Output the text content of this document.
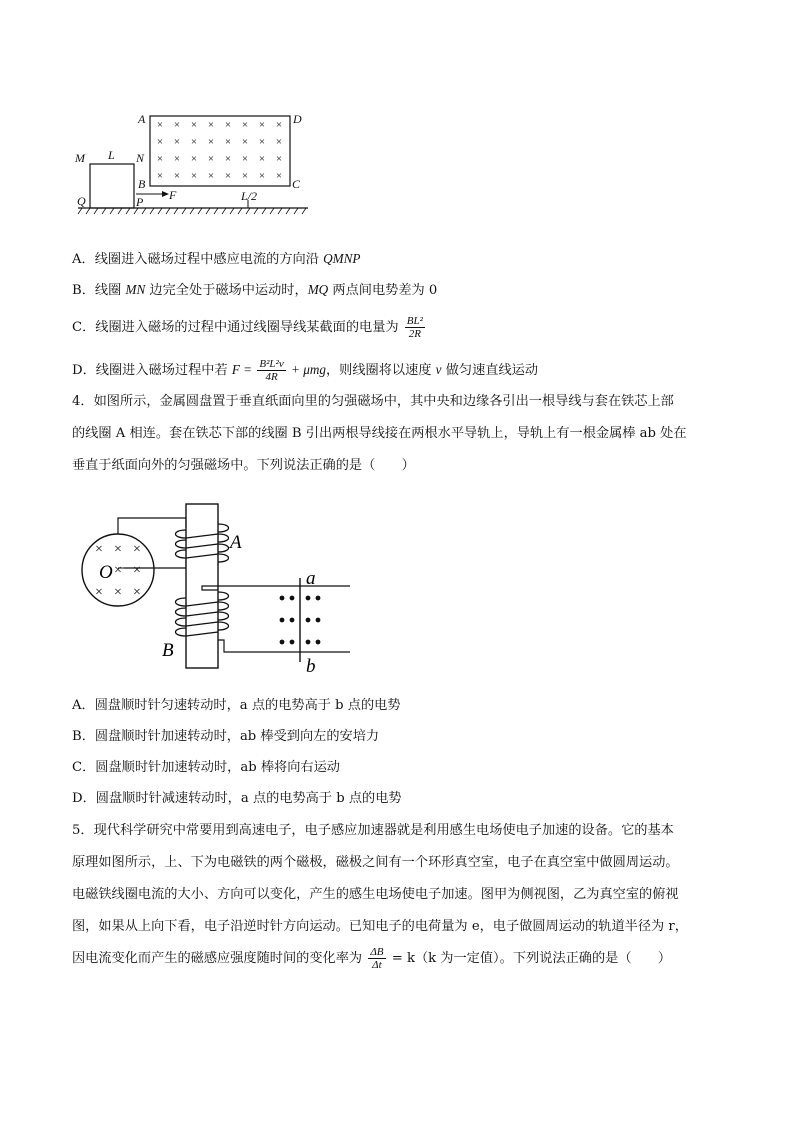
× × × × × × × ×
× × × × × × × ×
× × × × × × × ×
× × × × × × × ×
A	D
M L N
B	C
Q	P F	L/2
A．线圈进入磁场过程中感应电流的方向沿 QMNP
B．线圈 MN 边完全处于磁场中运动时，MQ 两点间电势差为 0
C．线圈进入磁场的过程中通过线圈导线某截面的电量为 $\frac{\text{BL²}}{2R}$
D．线圈进入磁场过程中若 $F = \frac{\text{B²L²v}}{4R} + \mu mg$，则线圈将以速度 v 做匀速直线运动
4．如图所示，金属圆盘置于垂直纸面向里的匀强磁场中，其中央和边缘各引出一根导线与套在铁芯上部
的线圈 A 相连。套在铁芯下部的线圈 B 引出两根导线接在两根水平导轨上，导轨上有一根金属棒 ab 处在
垂直于纸面向外的匀强磁场中。下列说法正确的是（　　）
× × ×
× ×
× × ×
O
A
B
a
b
A．圆盘顺时针匀速转动时，a 点的电势高于 b 点的电势
B．圆盘顺时针加速转动时，ab 棒受到向左的安培力
C．圆盘顺时针加速转动时，ab 棒将向右运动
D．圆盘顺时针减速转动时，a 点的电势高于 b 点的电势
5．现代科学研究中常要用到高速电子，电子感应加速器就是利用感生电场使电子加速的设备。它的基本
原理如图所示，上、下为电磁铁的两个磁极，磁极之间有一个环形真空室，电子在真空室中做圆周运动。
电磁铁线圈电流的大小、方向可以变化，产生的感生电场使电子加速。图甲为侧视图，乙为真空室的俯视
图，如果从上向下看，电子沿逆时针方向运动。已知电子的电荷量为 e，电子做圆周运动的轨道半径为 r，
因电流变化而产生的磁感应强度随时间的变化率为 $\frac{\Delta B}{\Delta t} = k(k$ 为一定值）。下列说法正确的是（　　）
